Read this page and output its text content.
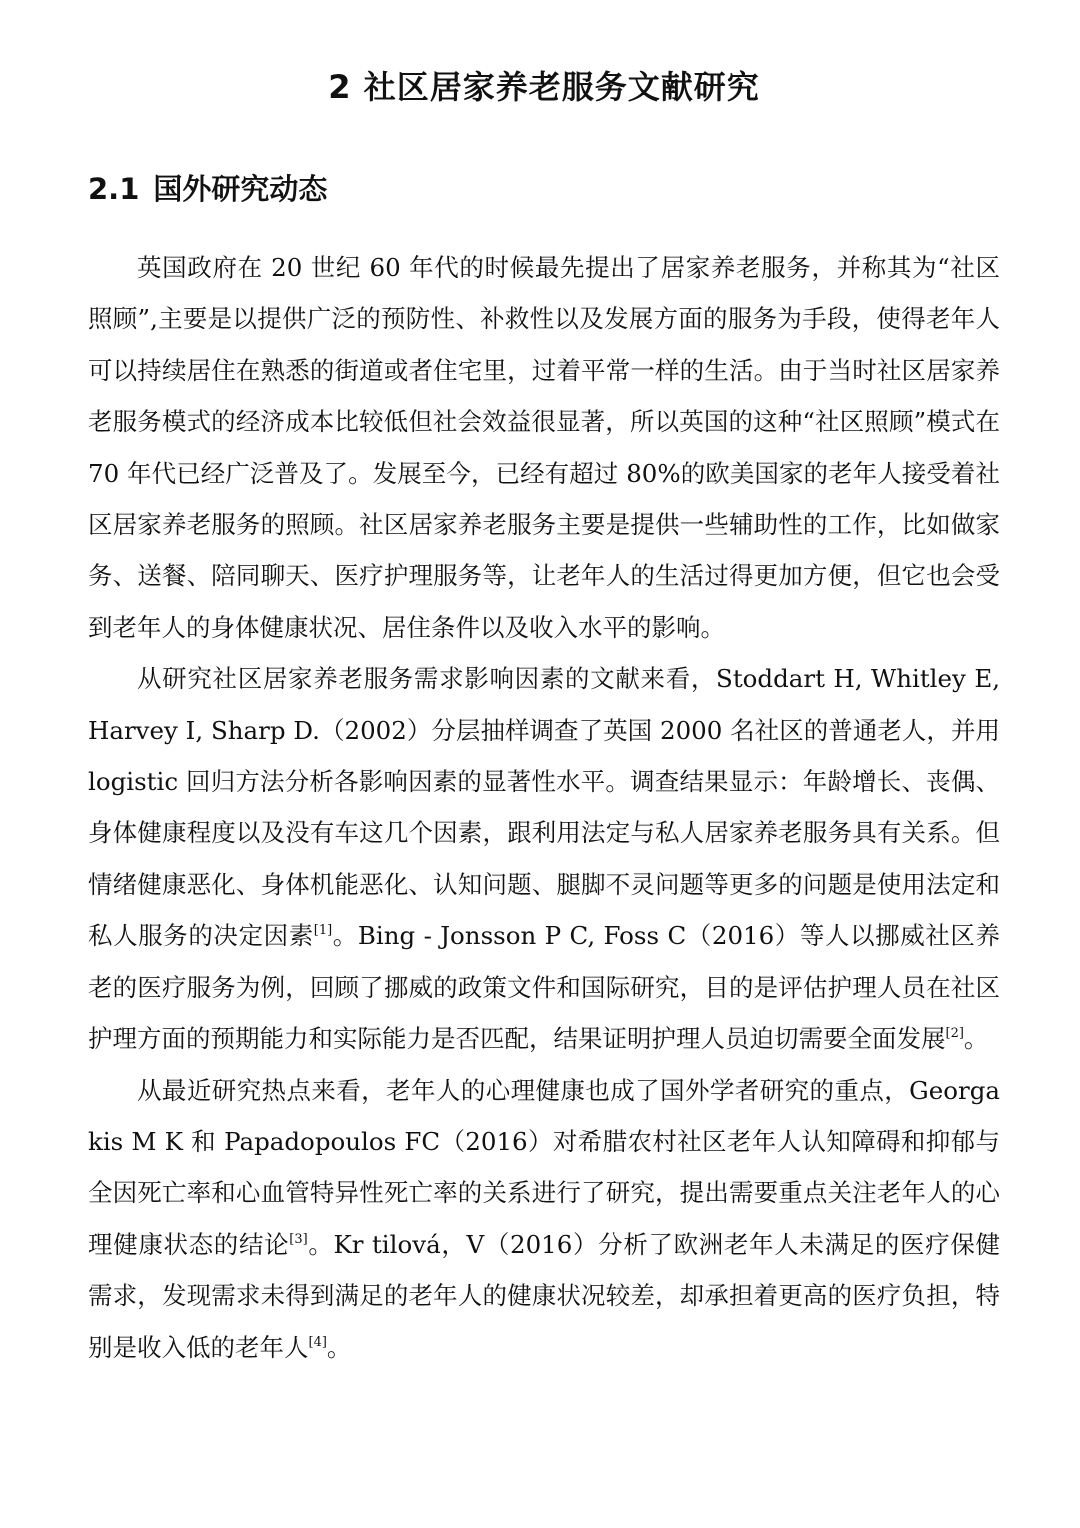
2 社区居家养老服务文献研究
2.1 国外研究动态

英国政府在 20 世纪 60 年代的时候最先提出了居家养老服务，并称其为“社区照顾”,主要是以提供广泛的预防性、补救性以及发展方面的服务为手段，使得老年人可以持续居住在熟悉的街道或者住宅里，过着平常一样的生活。由于当时社区居家养老服务模式的经济成本比较低但社会效益很显著，所以英国的这种“社区照顾”模式在 70 年代已经广泛普及了。发展至今，已经有超过 80%的欧美国家的老年人接受着社区居家养老服务的照顾。社区居家养老服务主要是提供一些辅助性的工作，比如做家务、送餐、陪同聊天、医疗护理服务等，让老年人的生活过得更加方便，但它也会受到老年人的身体健康状况、居住条件以及收入水平的影响。

从研究社区居家养老服务需求影响因素的文献来看，Stoddart H, Whitley E, Harvey I, Sharp D.（2002）分层抽样调查了英国 2000 名社区的普通老人，并用 logistic 回归方法分析各影响因素的显著性水平。调查结果显示：年龄增长、丧偶、身体健康程度以及没有车这几个因素，跟利用法定与私人居家养老服务具有关系。但情绪健康恶化、身体机能恶化、认知问题、腿脚不灵问题等更多的问题是使用法定和私人服务的决定因素[1]。Bing - Jonsson P C, Foss C（2016）等人以挪威社区养老的医疗服务为例，回顾了挪威的政策文件和国际研究，目的是评估护理人员在社区护理方面的预期能力和实际能力是否匹配，结果证明护理人员迫切需要全面发展[2]。

从最近研究热点来看，老年人的心理健康也成了国外学者研究的重点，Georgakis M K 和 Papadopoulos FC（2016）对希腊农村社区老年人认知障碍和抑郁与全因死亡率和心血管特异性死亡率的关系进行了研究，提出需要重点关注老年人的心理健康状态的结论[3]。Kr tilová，V（2016）分析了欧洲老年人未满足的医疗保健需求，发现需求未得到满足的老年人的健康状况较差，却承担着更高的医疗负担，特别是收入低的老年人[4]。
